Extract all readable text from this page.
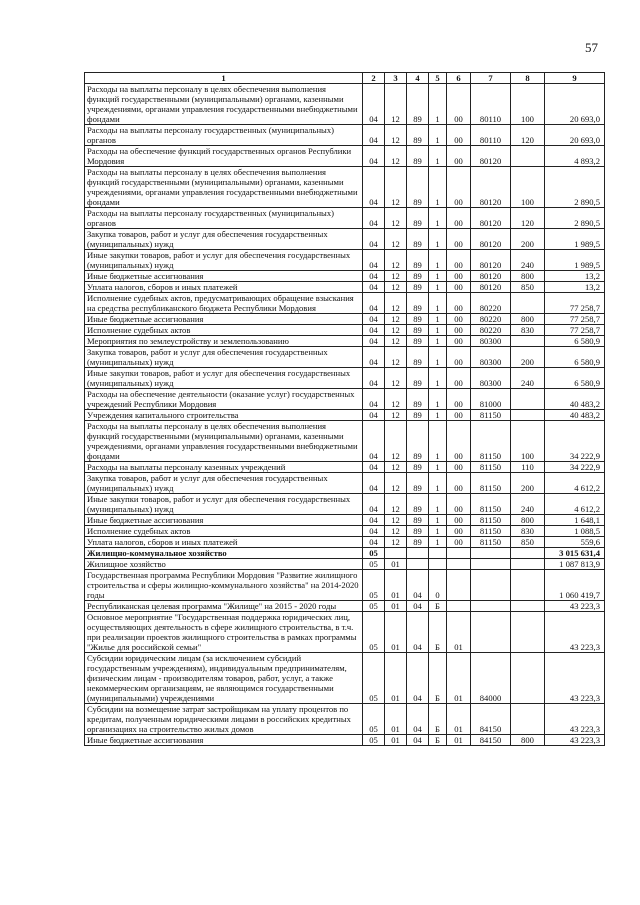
57
1	2	3	4	5	6	7	8	9
Расходы на выплаты персоналу в целях обеспечения выполнения функций государственными (муниципальными) органами, казенными учреждениями, органами управления государственными внебюджетными фондами	04	12	89	1	00	80110	100	20 693,0
Расходы на выплаты персоналу государственных (муниципальных) органов	04	12	89	1	00	80110	120	20 693,0
Расходы на обеспечение функций государственных органов Республики Мордовия	04	12	89	1	00	80120		4 893,2
Расходы на выплаты персоналу в целях обеспечения выполнения функций государственными (муниципальными) органами, казенными учреждениями, органами управления государственными внебюджетными фондами	04	12	89	1	00	80120	100	2 890,5
Расходы на выплаты персоналу государственных (муниципальных) органов	04	12	89	1	00	80120	120	2 890,5
Закупка товаров, работ и услуг для обеспечения государственных (муниципальных) нужд	04	12	89	1	00	80120	200	1 989,5
Иные закупки товаров, работ и услуг для обеспечения государственных (муниципальных) нужд	04	12	89	1	00	80120	240	1 989,5
Иные бюджетные ассигнования	04	12	89	1	00	80120	800	13,2
Уплата налогов, сборов и иных платежей	04	12	89	1	00	80120	850	13,2
Исполнение судебных актов, предусматривающих обращение взыскания на средства республиканского бюджета Республики Мордовия	04	12	89	1	00	80220		77 258,7
Иные бюджетные ассигнования	04	12	89	1	00	80220	800	77 258,7
Исполнение судебных актов	04	12	89	1	00	80220	830	77 258,7
Мероприятия по землеустройству и землепользованию	04	12	89	1	00	80300		6 580,9
Закупка товаров, работ и услуг для обеспечения государственных (муниципальных) нужд	04	12	89	1	00	80300	200	6 580,9
Иные закупки товаров, работ и услуг для обеспечения государственных (муниципальных) нужд	04	12	89	1	00	80300	240	6 580,9
Расходы на обеспечение деятельности (оказание услуг) государственных учреждений Республики Мордовия	04	12	89	1	00	81000		40 483,2
Учреждения капитального строительства	04	12	89	1	00	81150		40 483,2
Расходы на выплаты персоналу в целях обеспечения выполнения функций государственными (муниципальными) органами, казенными учреждениями, органами управления государственными внебюджетными фондами	04	12	89	1	00	81150	100	34 222,9
Расходы на выплаты персоналу казенных учреждений	04	12	89	1	00	81150	110	34 222,9
Закупка товаров, работ и услуг для обеспечения государственных (муниципальных) нужд	04	12	89	1	00	81150	200	4 612,2
Иные закупки товаров, работ и услуг для обеспечения государственных (муниципальных) нужд	04	12	89	1	00	81150	240	4 612,2
Иные бюджетные ассигнования	04	12	89	1	00	81150	800	1 648,1
Исполнение судебных актов	04	12	89	1	00	81150	830	1 088,5
Уплата налогов, сборов и иных платежей	04	12	89	1	00	81150	850	559,6
Жилищно-коммунальное хозяйство	05							3 015 631,4
Жилищное хозяйство	05	01						1 087 813,9
Государственная программа Республики Мордовия "Развитие жилищного строительства и сферы жилищно-коммунального хозяйства" на 2014-2020 годы	05	01	04	0				1 060 419,7
Республиканская целевая программа "Жилище" на 2015 - 2020 годы	05	01	04	Б				43 223,3
Основное мероприятие "Государственная поддержка юридических лиц, осуществляющих деятельность в сфере жилищного строительства, в т.ч. при реализации проектов жилищного строительства в рамках программы "Жилье для российской семьи"	05	01	04	Б	01			43 223,3
Субсидии юридическим лицам (за исключением субсидий государственным учреждениям), индивидуальным предпринимателям, физическим лицам - производителям товаров, работ, услуг, а также некоммерческим организациям, не являющимся государственными (муниципальными) учреждениями	05	01	04	Б	01	84000		43 223,3
Субсидии на возмещение затрат застройщикам на уплату процентов по кредитам, полученным юридическими лицами в российских кредитных организациях на строительство жилых домов	05	01	04	Б	01	84150		43 223,3
Иные бюджетные ассигнования	05	01	04	Б	01	84150	800	43 223,3
